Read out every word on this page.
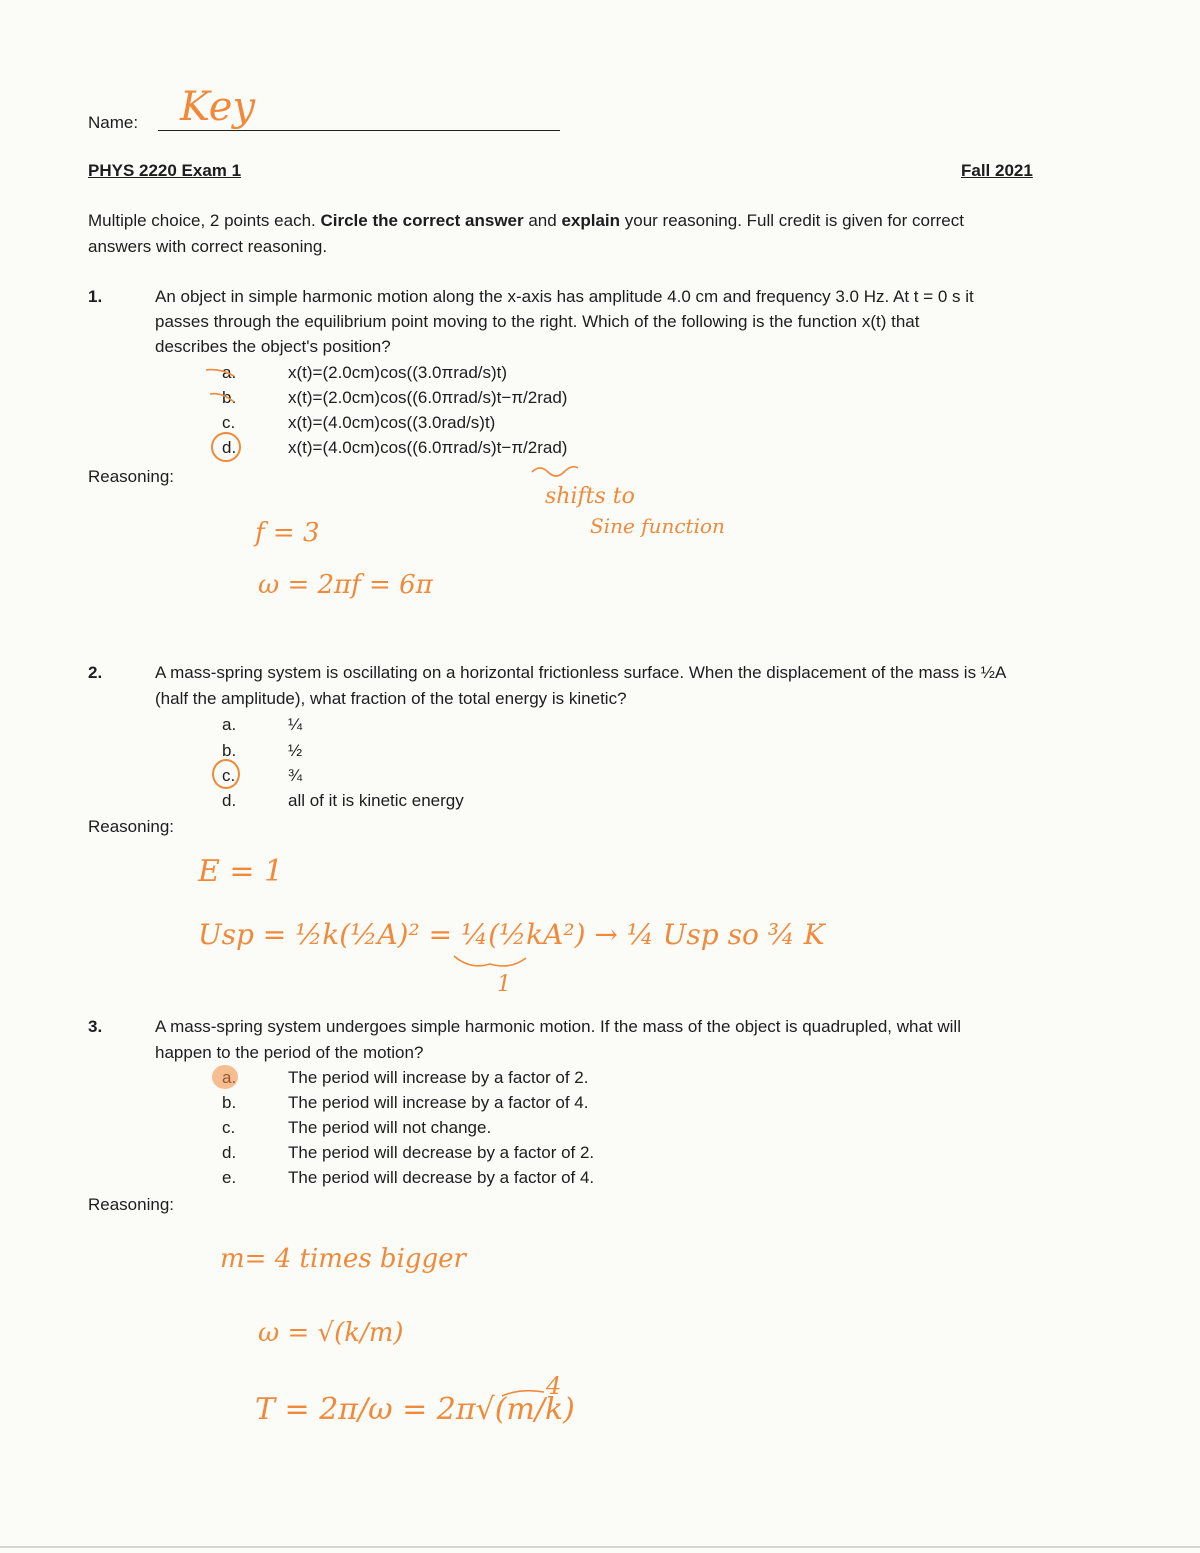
Name: Key
PHYS 2220 Exam 1	Fall 2021
Multiple choice, 2 points each. Circle the correct answer and explain your reasoning. Full credit is given for correct
answers with correct reasoning.
1.	An object in simple harmonic motion along the x-axis has amplitude 4.0 cm and frequency 3.0 Hz. At t = 0 s it
passes through the equilibrium point moving to the right. Which of the following is the function x(t) that
describes the object's position?
a.	x(t)=(2.0cm)cos((3.0πrad/s)t)
b.	x(t)=(2.0cm)cos((6.0πrad/s)t−π/2rad)
c.	x(t)=(4.0cm)cos((3.0rad/s)t)
d.	x(t)=(4.0cm)cos((6.0πrad/s)t−π/2rad)
Reasoning:
shifts to
Sine function
f = 3
ω = 2πf = 6π
2.	A mass-spring system is oscillating on a horizontal frictionless surface. When the displacement of the mass is ½A
(half the amplitude), what fraction of the total energy is kinetic?
a.	¼
b.	½
c.	¾
d.	all of it is kinetic energy
Reasoning:
E = 1
Usp = ½k(½A)² = ¼(½kA²) → ¼ Usp so ¾ K
1
3.	A mass-spring system undergoes simple harmonic motion. If the mass of the object is quadrupled, what will
happen to the period of the motion?
The period will increase by a factor of 2.
b.	The period will increase by a factor of 4.
c.	The period will not change.
d.	The period will decrease by a factor of 2.
e.	The period will decrease by a factor of 4.
Reasoning:
m= 4 times bigger
ω = √(k/m)
T = 2π/ω = 2π√(m/k)
4
